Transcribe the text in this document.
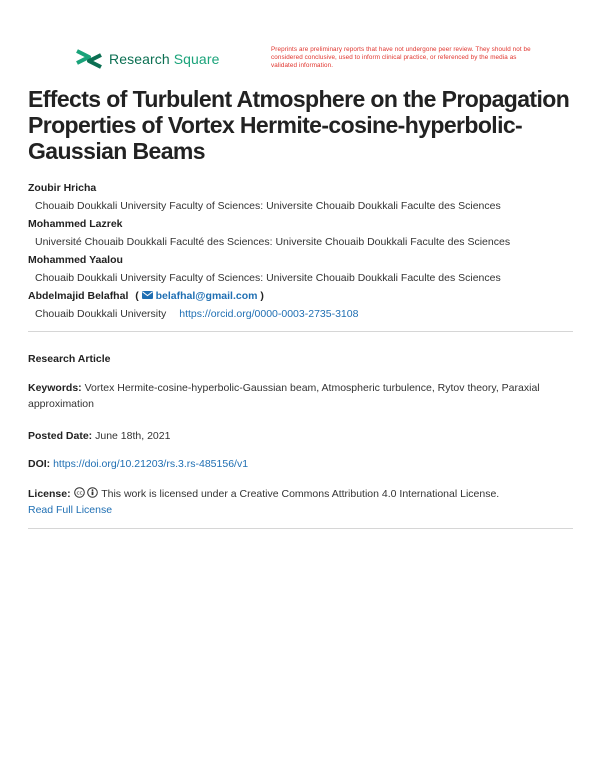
Research Square
Preprints are preliminary reports that have not undergone peer review. They should not be considered conclusive, used to inform clinical practice, or referenced by the media as validated information.
Effects of Turbulent Atmosphere on the Propagation Properties of Vortex Hermite-cosine-hyperbolic-Gaussian Beams
Zoubir Hricha
Chouaib Doukkali University Faculty of Sciences: Universite Chouaib Doukkali Faculte des Sciences
Mohammed Lazrek
Université Chouaib Doukkali Faculté des Sciences: Universite Chouaib Doukkali Faculte des Sciences
Mohammed Yaalou
Chouaib Doukkali University Faculty of Sciences: Universite Chouaib Doukkali Faculte des Sciences
Abdelmajid Belafhal ( belafhal@gmail.com )
Chouaib Doukkali University https://orcid.org/0000-0003-2735-3108
Research Article
Keywords: Vortex Hermite-cosine-hyperbolic-Gaussian beam, Atmospheric turbulence, Rytov theory, Paraxial approximation
Posted Date: June 18th, 2021
DOI: https://doi.org/10.21203/rs.3.rs-485156/v1
License: cc This work is licensed under a Creative Commons Attribution 4.0 International License.
Read Full License
